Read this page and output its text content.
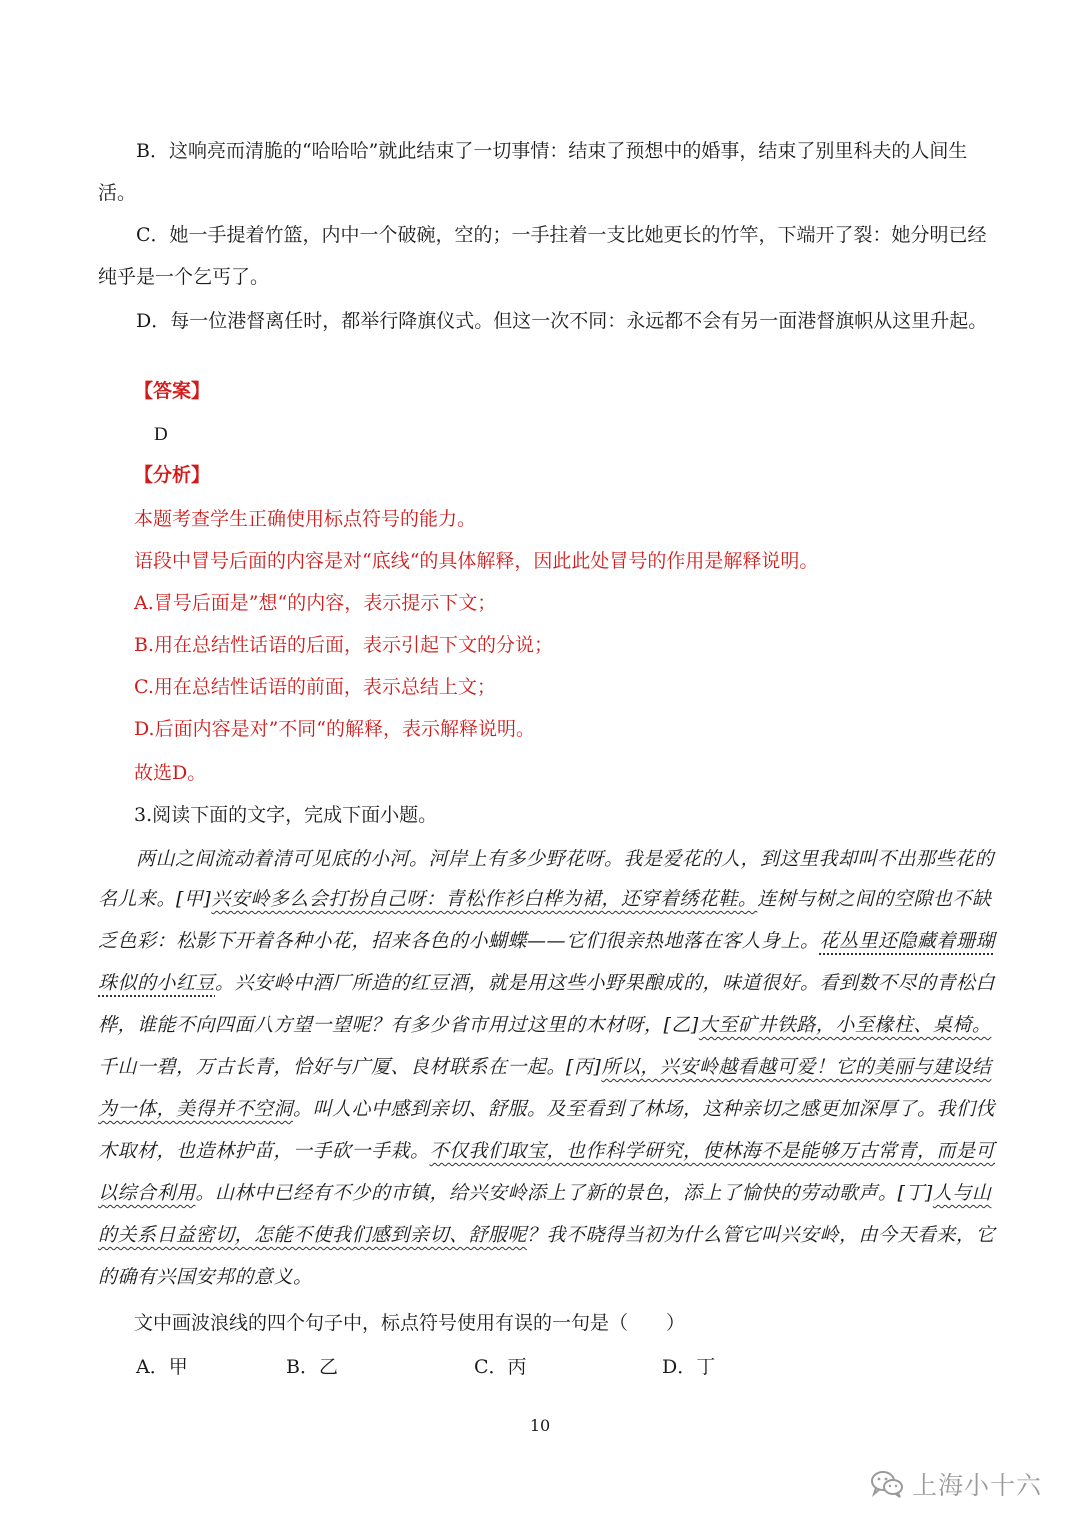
B．这响亮而清脆的“哈哈哈”就此结束了一切事情：结束了预想中的婚事，结束了别里科夫的人间生
活。
C．她一手提着竹篮，内中一个破碗，空的；一手拄着一支比她更长的竹竿，下端开了裂：她分明已经
纯乎是一个乞丐了。
D．每一位港督离任时，都举行降旗仪式。但这一次不同：永远都不会有另一面港督旗帜从这里升起。
【答案】
D
【分析】
本题考查学生正确使用标点符号的能力。
语段中冒号后面的内容是对“底线“的具体解释，因此此处冒号的作用是解释说明。
A.冒号后面是”想“的内容，表示提示下文；
B.用在总结性话语的后面，表示引起下文的分说；
C.用在总结性话语的前面，表示总结上文；
D.后面内容是对”不同“的解释，表示解释说明。
故选D。
3.阅读下面的文字，完成下面小题。
两山之间流动着清可见底的小河。河岸上有多少野花呀。我是爱花的人，到这里我却叫不出那些花的
名儿来。[甲]兴安岭多么会打扮自己呀：青松作衫白桦为裙，还穿着绣花鞋。连树与树之间的空隙也不缺
乏色彩：松影下开着各种小花，招来各色的小蝴蝶——它们很亲热地落在客人身上。花丛里还隐藏着珊瑚
珠似的小红豆。兴安岭中酒厂所造的红豆酒，就是用这些小野果酿成的，味道很好。看到数不尽的青松白
桦，谁能不向四面八方望一望呢？有多少省市用过这里的木材呀，[乙]大至矿井铁路，小至椽柱、桌椅。
千山一碧，万古长青，恰好与广厦、良材联系在一起。[丙]所以，兴安岭越看越可爱！它的美丽与建设结
为一体，美得并不空洞。叫人心中感到亲切、舒服。及至看到了林场，这种亲切之感更加深厚了。我们伐
木取材，也造林护苗，一手砍一手栽。不仅我们取宝，也作科学研究，使林海不是能够万古常青，而是可
以综合利用。山林中已经有不少的市镇，给兴安岭添上了新的景色，添上了愉快的劳动歌声。[丁]人与山
的关系日益密切，怎能不使我们感到亲切、舒服呢？我不晓得当初为什么管它叫兴安岭，由今天看来，它
的确有兴国安邦的意义。
文中画波浪线的四个句子中，标点符号使用有误的一句是（　　）
A．甲	B．乙	C．丙	D．丁
10
上海小十六
